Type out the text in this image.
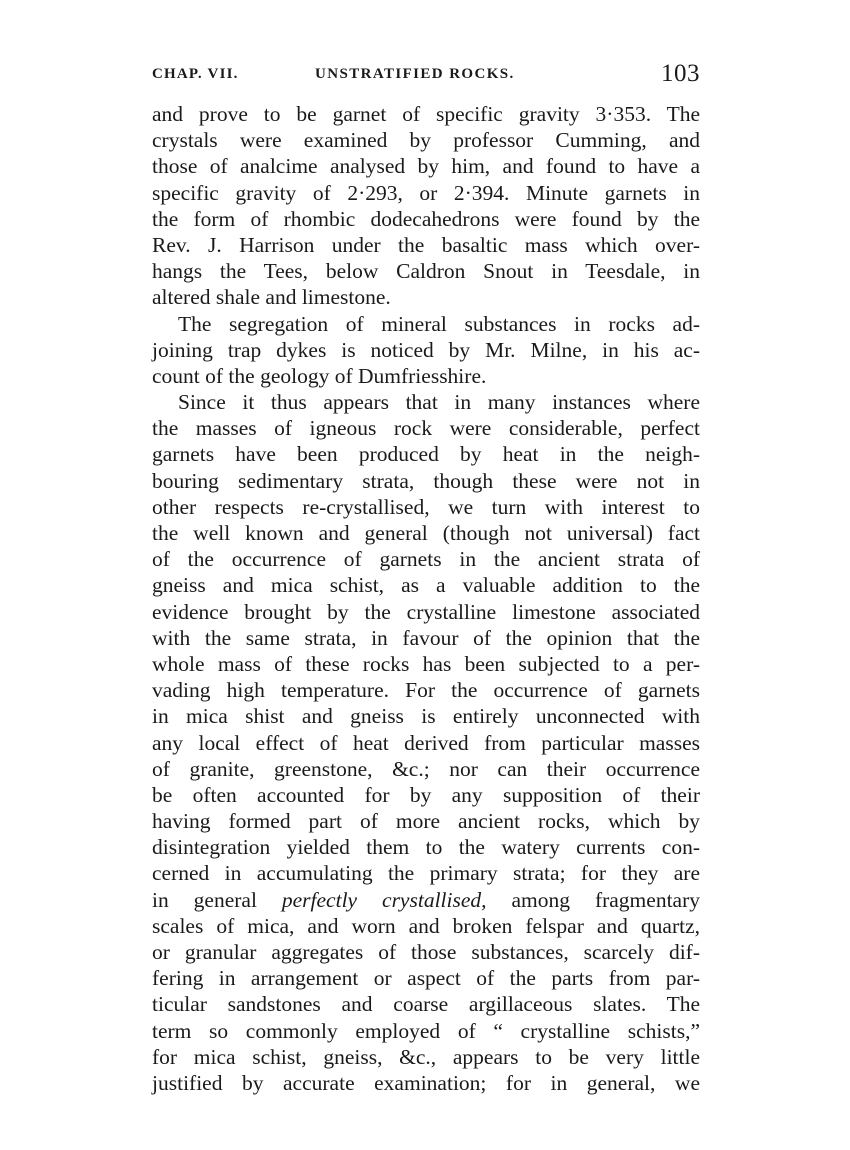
CHAP. VII.	UNSTRATIFIED ROCKS.	103
and prove to be garnet of specific gravity 3·353. The
crystals were examined by professor Cumming, and
those of analcime analysed by him, and found to have a
specific gravity of 2·293, or 2·394. Minute garnets in
the form of rhombic dodecahedrons were found by the
Rev. J. Harrison under the basaltic mass which over-
hangs the Tees, below Caldron Snout in Teesdale, in
altered shale and limestone.
The segregation of mineral substances in rocks ad-
joining trap dykes is noticed by Mr. Milne, in his ac-
count of the geology of Dumfriesshire.
Since it thus appears that in many instances where
the masses of igneous rock were considerable, perfect
garnets have been produced by heat in the neigh-
bouring sedimentary strata, though these were not in
other respects re-crystallised, we turn with interest to
the well known and general (though not universal) fact
of the occurrence of garnets in the ancient strata of
gneiss and mica schist, as a valuable addition to the
evidence brought by the crystalline limestone associated
with the same strata, in favour of the opinion that the
whole mass of these rocks has been subjected to a per-
vading high temperature. For the occurrence of garnets
in mica shist and gneiss is entirely unconnected with
any local effect of heat derived from particular masses
of granite, greenstone, &c.; nor can their occurrence
be often accounted for by any supposition of their
having formed part of more ancient rocks, which by
disintegration yielded them to the watery currents con-
cerned in accumulating the primary strata; for they are
in general perfectly crystallised, among fragmentary
scales of mica, and worn and broken felspar and quartz,
or granular aggregates of those substances, scarcely dif-
fering in arrangement or aspect of the parts from par-
ticular sandstones and coarse argillaceous slates. The
term so commonly employed of “ crystalline schists,”
for mica schist, gneiss, &c., appears to be very little
justified by accurate examination; for in general, we
